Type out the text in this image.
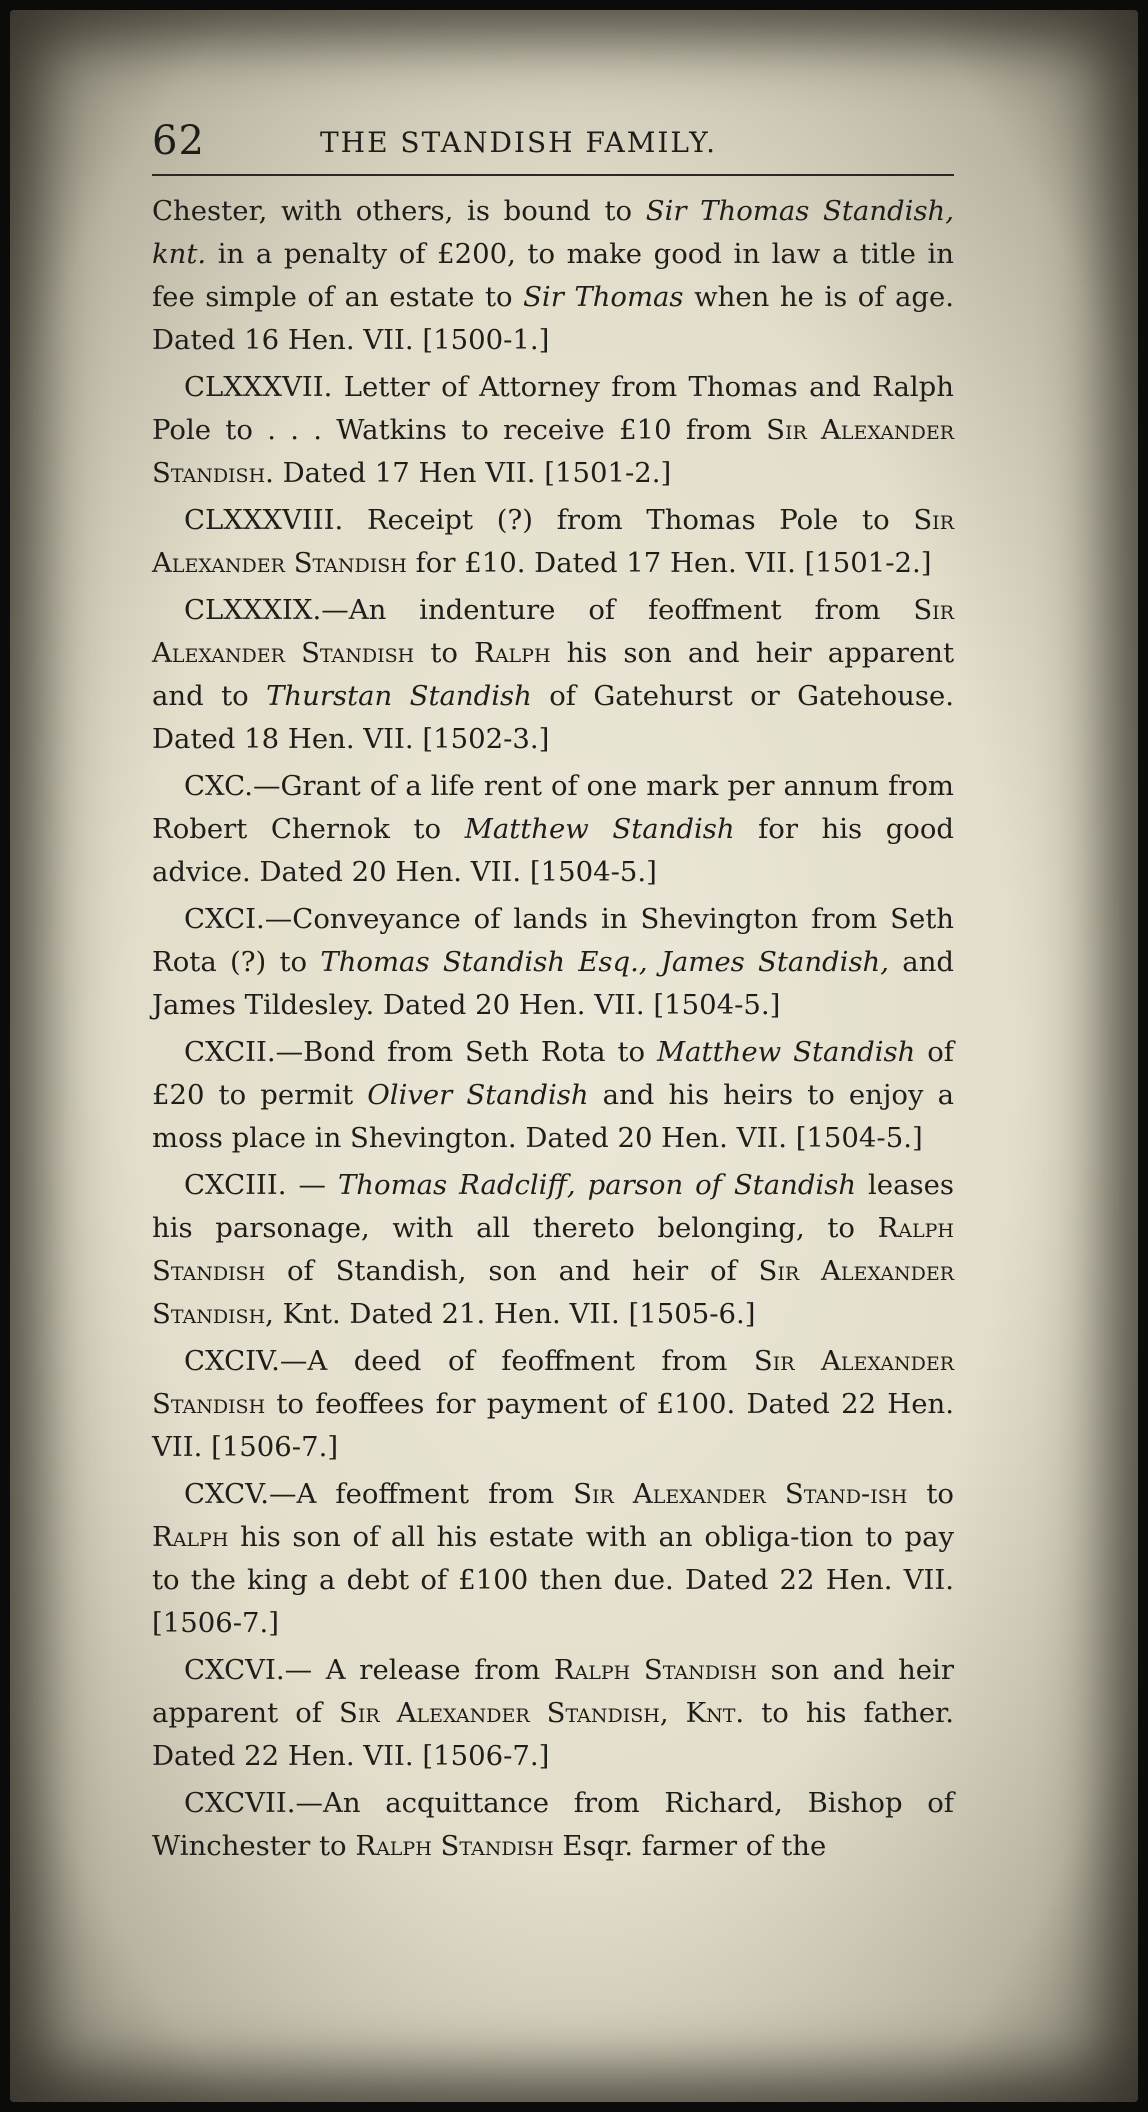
62	THE STANDISH FAMILY.

Chester, with others, is bound to Sir Thomas Standish, knt. in a penalty of £200, to make good in law a title in fee simple of an estate to Sir Thomas when he is of age. Dated 16 Hen. VII. [1500-1.]

CLXXXVII. Letter of Attorney from Thomas and Ralph Pole to . . . Watkins to receive £10 from Sir Alexander Standish. Dated 17 Hen VII. [1501-2.]

CLXXXVIII. Receipt (?) from Thomas Pole to Sir Alexander Standish for £10. Dated 17 Hen. VII. [1501-2.]

CLXXXIX.—An indenture of feoffment from Sir Alexander Standish to Ralph his son and heir apparent and to Thurstan Standish of Gatehurst or Gatehouse. Dated 18 Hen. VII. [1502-3.]

CXC.—Grant of a life rent of one mark per annum from Robert Chernok to Matthew Standish for his good advice. Dated 20 Hen. VII. [1504-5.]

CXCI.—Conveyance of lands in Shevington from Seth Rota (?) to Thomas Standish Esq., James Standish, and James Tildesley. Dated 20 Hen. VII. [1504-5.]

CXCII.—Bond from Seth Rota to Matthew Standish of £20 to permit Oliver Standish and his heirs to enjoy a moss place in Shevington. Dated 20 Hen. VII. [1504-5.]

CXCIII. — Thomas Radcliff, parson of Standish leases his parsonage, with all thereto belonging, to Ralph Standish of Standish, son and heir of Sir Alexander Standish, Knt. Dated 21. Hen. VII. [1505-6.]

CXCIV.—A deed of feoffment from Sir Alexander Standish to feoffees for payment of £100. Dated 22 Hen. VII. [1506-7.]

CXCV.—A feoffment from Sir Alexander Stand-ish to Ralph his son of all his estate with an obliga-tion to pay to the king a debt of £100 then due. Dated 22 Hen. VII. [1506-7.]

CXCVI.— A release from Ralph Standish son and heir apparent of Sir Alexander Standish, Knt. to his father. Dated 22 Hen. VII. [1506-7.]

CXCVII.—An acquittance from Richard, Bishop of Winchester to Ralph Standish Esqr. farmer of the
